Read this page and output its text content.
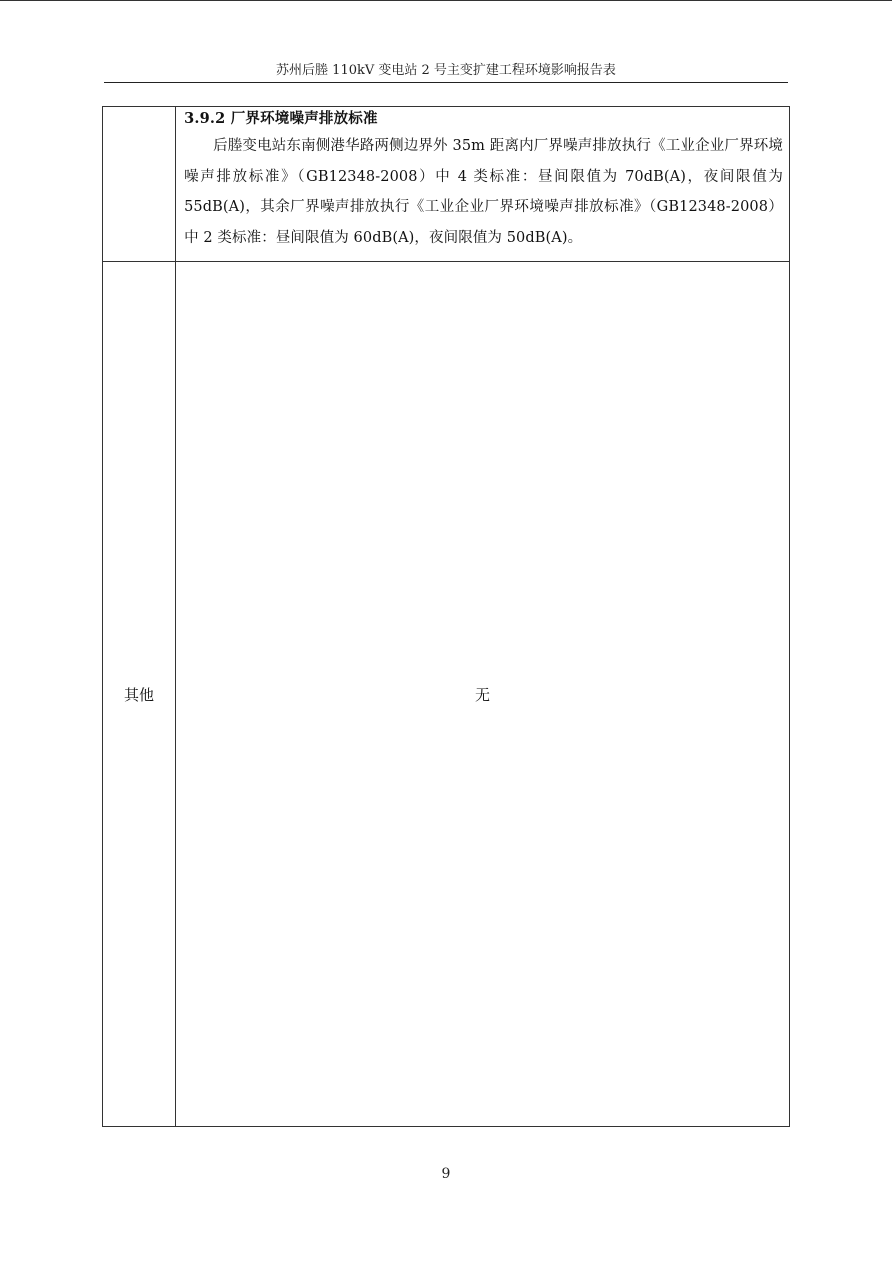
苏州后塍 110kV 变电站 2 号主变扩建工程环境影响报告表

	3.9.2 厂界环境噪声排放标准
后塍变电站东南侧港华路两侧边界外 35m 距离内厂界噪声排放执行《工业企业厂界环境噪声排放标准》（GB12348-2008）中 4 类标准：昼间限值为 70dB(A)，夜间限值为 55dB(A)，其余厂界噪声排放执行《工业企业厂界环境噪声排放标准》（GB12348-2008）中 2 类标准：昼间限值为 60dB(A)，夜间限值为 50dB(A)。

其他	无
9
